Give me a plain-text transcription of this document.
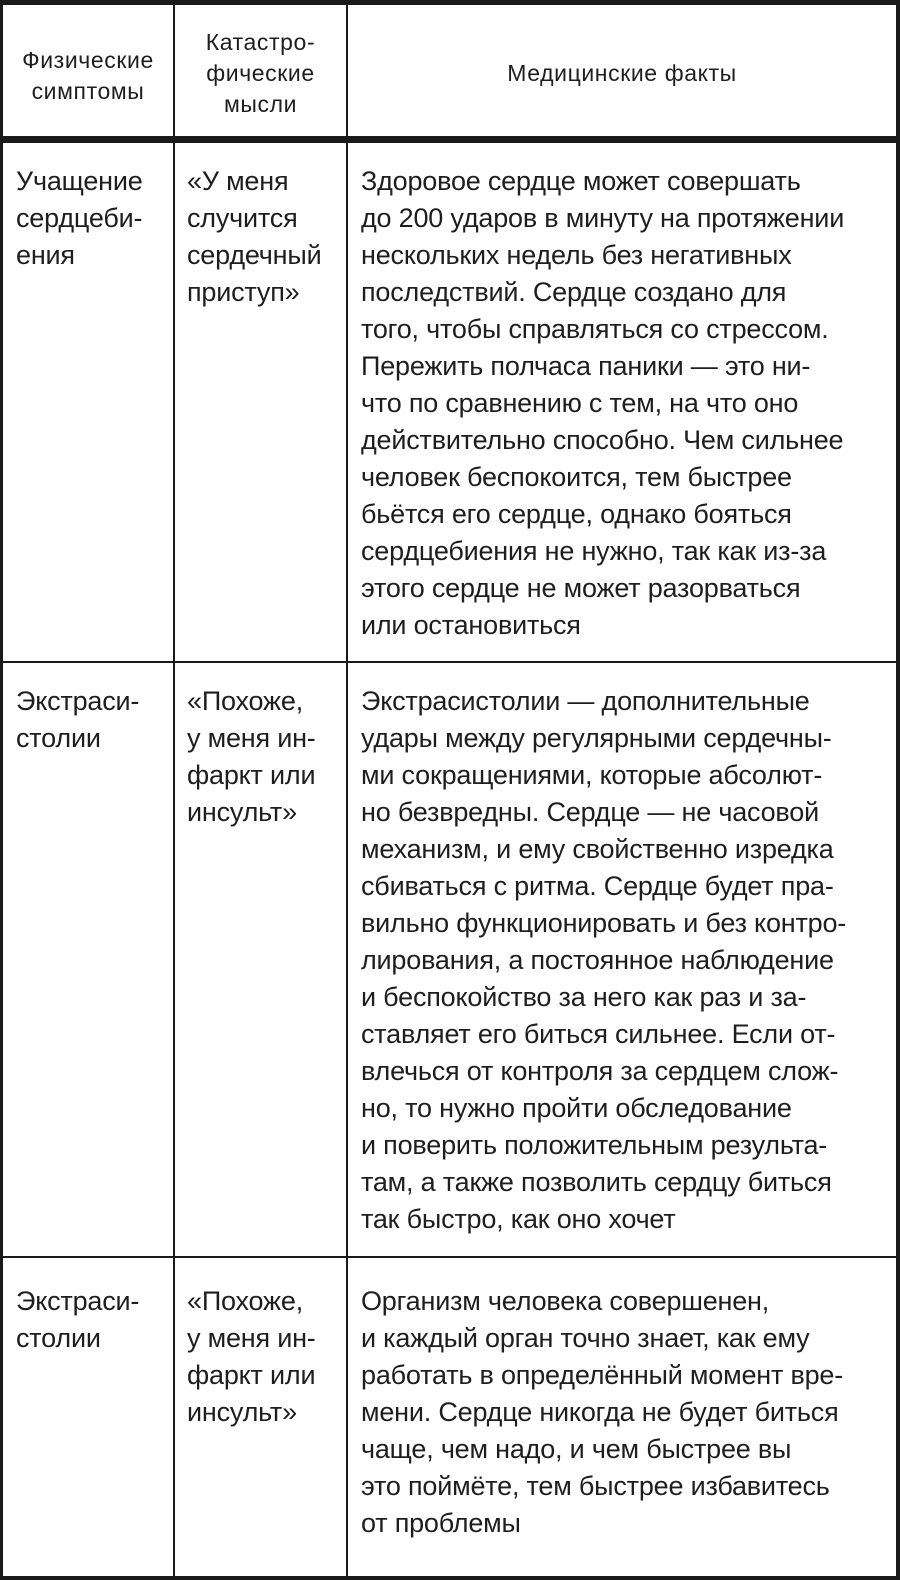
Физические
симптомы
Катастро-
фические
мысли
Медицинские факты
Учащение
сердцеби-
ения
«У меня
случится
сердечный
приступ»
Здоровое сердце может совершать
до 200 ударов в минуту на протяжении
нескольких недель без негативных
последствий. Сердце создано для
того, чтобы справляться со стрессом.
Пережить полчаса паники — это ни-
что по сравнению с тем, на что оно
действительно способно. Чем сильнее
человек беспокоится, тем быстрее
бьётся его сердце, однако бояться
сердцебиения не нужно, так как из-за
этого сердце не может разорваться
или остановиться
Экстраси-
столии
«Похоже,
у меня ин-
фаркт или
инсульт»
Экстрасистолии — дополнительные
удары между регулярными сердечны-
ми сокращениями, которые абсолют-
но безвредны. Сердце — не часовой
механизм, и ему свойственно изредка
сбиваться с ритма. Сердце будет пра-
вильно функционировать и без контро-
лирования, а постоянное наблюдение
и беспокойство за него как раз и за-
ставляет его биться сильнее. Если от-
влечься от контроля за сердцем слож-
но, то нужно пройти обследование
и поверить положительным результа-
там, а также позволить сердцу биться
так быстро, как оно хочет
Экстраси-
столии
«Похоже,
у меня ин-
фаркт или
инсульт»
Организм человека совершенен,
и каждый орган точно знает, как ему
работать в определённый момент вре-
мени. Сердце никогда не будет биться
чаще, чем надо, и чем быстрее вы
это поймёте, тем быстрее избавитесь
от проблемы
